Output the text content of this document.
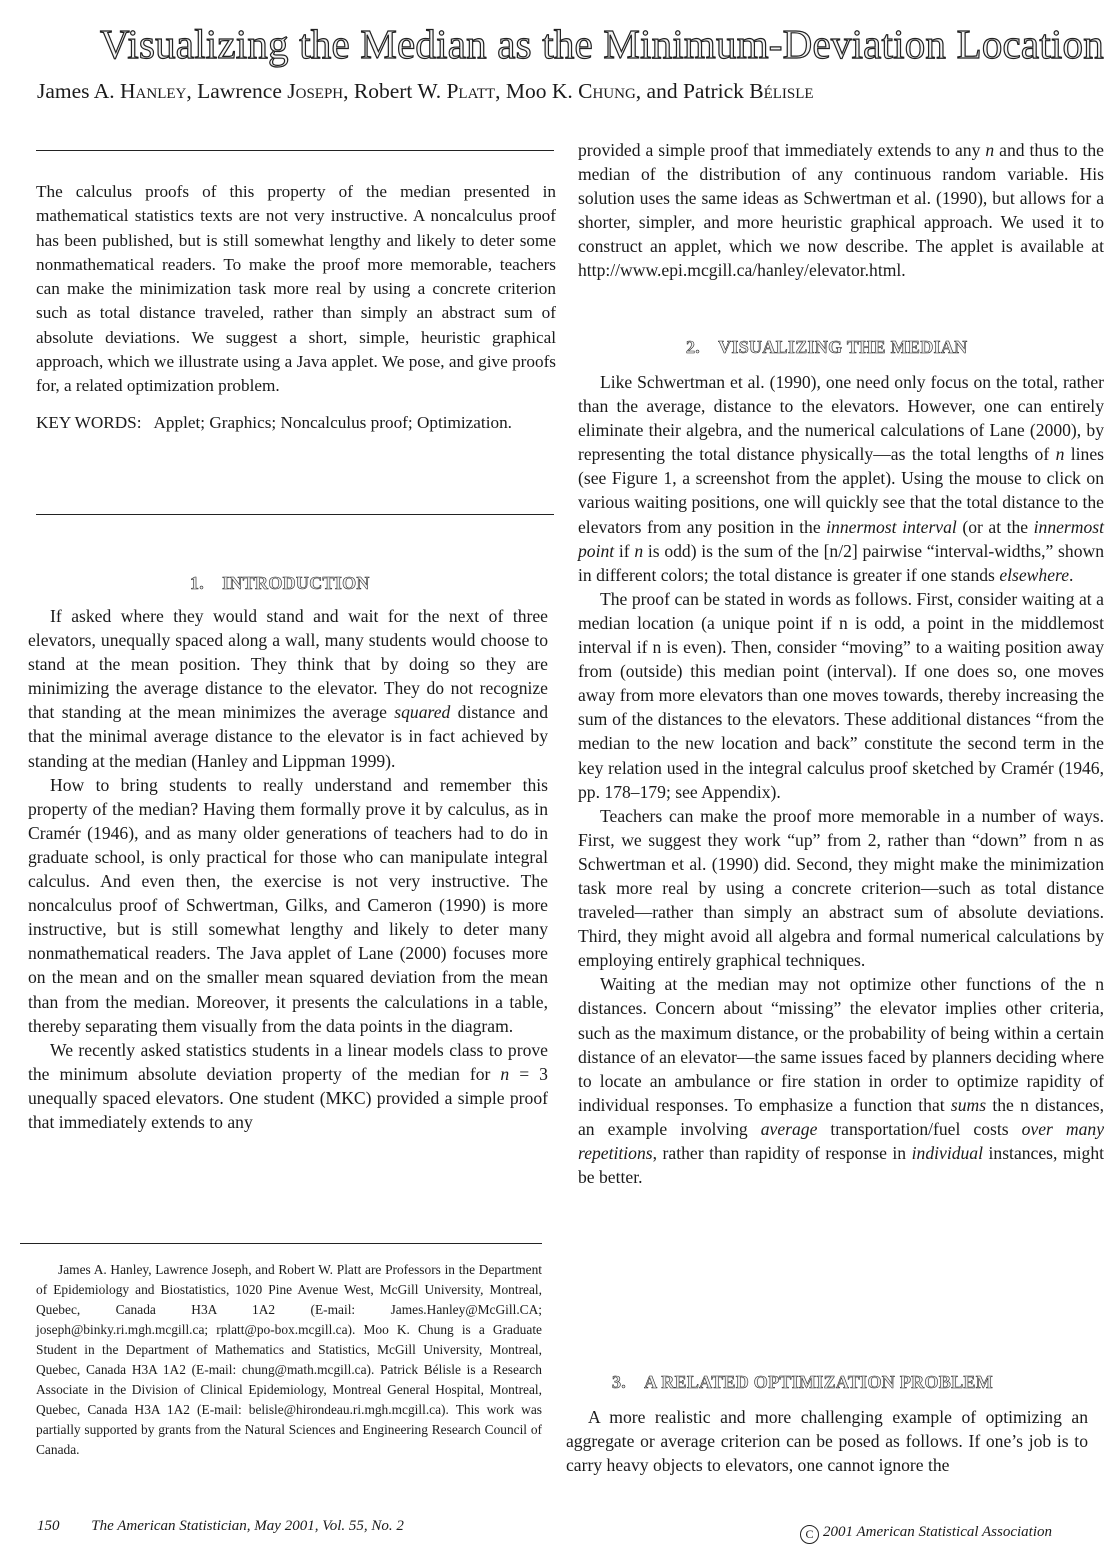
Visualizing the Median as the Minimum-Deviation Location
James A. Hanley, Lawrence Joseph, Robert W. Platt, Moo K. Chung, and Patrick Bélisle

The calculus proofs of this property of the median presented in mathematical statistics texts are not very instructive. A noncalculus proof has been published, but is still somewhat lengthy and likely to deter some nonmathematical readers. To make the proof more memorable, teachers can make the minimization task more real by using a concrete criterion such as total distance traveled, rather than simply an abstract sum of absolute deviations. We suggest a short, simple, heuristic graphical approach, which we illustrate using a Java applet. We pose, and give proofs for, a related optimization problem.

KEY WORDS: Applet; Graphics; Noncalculus proof; Optimization.

1. INTRODUCTION

If asked where they would stand and wait for the next of three elevators, unequally spaced along a wall, many students would choose to stand at the mean position. They think that by doing so they are minimizing the average distance to the elevator. They do not recognize that standing at the mean minimizes the average squared distance and that the minimal average distance to the elevator is in fact achieved by standing at the median (Hanley and Lippman 1999).

How to bring students to really understand and remember this property of the median? Having them formally prove it by calculus, as in Cramér (1946), and as many older generations of teachers had to do in graduate school, is only practical for those who can manipulate integral calculus. And even then, the exercise is not very instructive. The noncalculus proof of Schwertman, Gilks, and Cameron (1990) is more instructive, but is still somewhat lengthy and likely to deter many nonmathematical readers. The Java applet of Lane (2000) focuses more on the mean and on the smaller mean squared deviation from the mean than from the median. Moreover, it presents the calculations in a table, thereby separating them visually from the data points in the diagram.

We recently asked statistics students in a linear models class to prove the minimum absolute deviation property of the median for n = 3 unequally spaced elevators. One student (MKC) provided a simple proof that immediately extends to any

James A. Hanley, Lawrence Joseph, and Robert W. Platt are Professors in the Department of Epidemiology and Biostatistics, 1020 Pine Avenue West, McGill University, Montreal, Quebec, Canada H3A 1A2 (E-mail: James.Hanley@McGill.CA; joseph@binky.ri.mgh.mcgill.ca; rplatt@po-box.mcgill.ca). Moo K. Chung is a Graduate Student in the Department of Mathematics and Statistics, McGill University, Montreal, Quebec, Canada H3A 1A2 (E-mail: chung@math.mcgill.ca). Patrick Bélisle is a Research Associate in the Division of Clinical Epidemiology, Montreal General Hospital, Montreal, Quebec, Canada H3A 1A2 (E-mail: belisle@hirondeau.ri.mgh.mcgill.ca). This work was partially supported by grants from the Natural Sciences and Engineering Research Council of Canada.

provided a simple proof that immediately extends to any n and thus to the median of the distribution of any continuous random variable. His solution uses the same ideas as Schwertman et al. (1990), but allows for a shorter, simpler, and more heuristic graphical approach. We used it to construct an applet, which we now describe. The applet is available at http://www.epi.mcgill.ca/hanley/elevator.html.

2. VISUALIZING THE MEDIAN

Like Schwertman et al. (1990), one need only focus on the total, rather than the average, distance to the elevators. However, one can entirely eliminate their algebra, and the numerical calculations of Lane (2000), by representing the total distance physically—as the total lengths of n lines (see Figure 1, a screenshot from the applet). Using the mouse to click on various waiting positions, one will quickly see that the total distance to the elevators from any position in the innermost interval (or at the innermost point if n is odd) is the sum of the [n/2] pairwise “interval-widths,” shown in different colors; the total distance is greater if one stands elsewhere.

The proof can be stated in words as follows. First, consider waiting at a median location (a unique point if n is odd, a point in the middlemost interval if n is even). Then, consider “moving” to a waiting position away from (outside) this median point (interval). If one does so, one moves away from more elevators than one moves towards, thereby increasing the sum of the distances to the elevators. These additional distances “from the median to the new location and back” constitute the second term in the key relation used in the integral calculus proof sketched by Cramér (1946, pp. 178–179; see Appendix).

Teachers can make the proof more memorable in a number of ways. First, we suggest they work “up” from 2, rather than “down” from n as Schwertman et al. (1990) did. Second, they might make the minimization task more real by using a concrete criterion—such as total distance traveled—rather than simply an abstract sum of absolute deviations. Third, they might avoid all algebra and formal numerical calculations by employing entirely graphical techniques.

Waiting at the median may not optimize other functions of the n distances. Concern about “missing” the elevator implies other criteria, such as the maximum distance, or the probability of being within a certain distance of an elevator—the same issues faced by planners deciding where to locate an ambulance or fire station in order to optimize rapidity of individual responses. To emphasize a function that sums the n distances, an example involving average transportation/fuel costs over many repetitions, rather than rapidity of response in individual instances, might be better.

3. A RELATED OPTIMIZATION PROBLEM

A more realistic and more challenging example of optimizing an aggregate or average criterion can be posed as follows. If one’s job is to carry heavy objects to elevators, one cannot ignore the

150 The American Statistician, May 2001, Vol. 55, No. 2	C 2001 American Statistical Association
